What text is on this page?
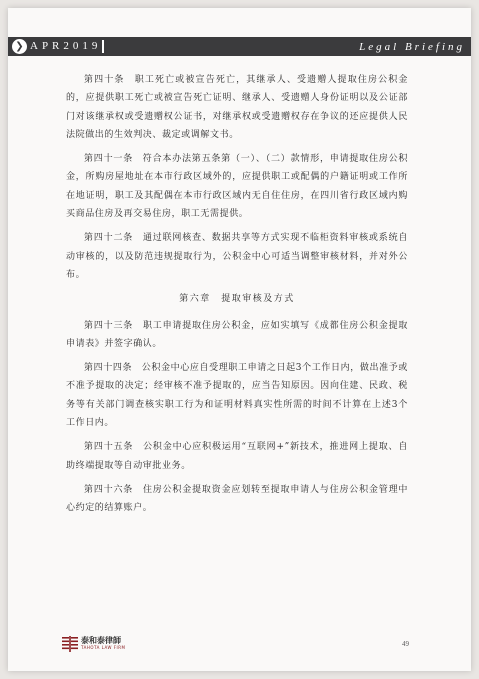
❯ APR2019	Legal Briefing

第四十条　职工死亡或被宣告死亡，其继承人、受遗赠人提取住房公积金的，应提供职工死亡或被宣告死亡证明、继承人、受遗赠人身份证明以及公证部门对该继承权或受遗赠权公证书，对继承权或受遗赠权存在争议的还应提供人民法院做出的生效判决、裁定或调解文书。

第四十一条　符合本办法第五条第（一）、（二）款情形，申请提取住房公积金，所购房屋地址在本市行政区域外的，应提供职工或配偶的户籍证明或工作所在地证明，职工及其配偶在本市行政区域内无自住住房，在四川省行政区域内购买商品住房及再交易住房，职工无需提供。

第四十二条　通过联网核查、数据共享等方式实现不临柜资料审核或系统自动审核的，以及防范违规提取行为，公积金中心可适当调整审核材料，并对外公布。

第六章　提取审核及方式

第四十三条　职工申请提取住房公积金，应如实填写《成都住房公积金提取申请表》并签字确认。

第四十四条　公积金中心应自受理职工申请之日起3个工作日内，做出准予或不准予提取的决定；经审核不准予提取的，应当告知原因。因向住建、民政、税务等有关部门调查核实职工行为和证明材料真实性所需的时间不计算在上述3个工作日内。

第四十五条　公积金中心应积极运用“互联网+”新技术，推进网上提取、自助终端提取等自动审批业务。

第四十六条　住房公积金提取资金应划转至提取申请人与住房公积金管理中心约定的结算账户。

泰和泰律師
TAHOTA LAW FIRM	49
